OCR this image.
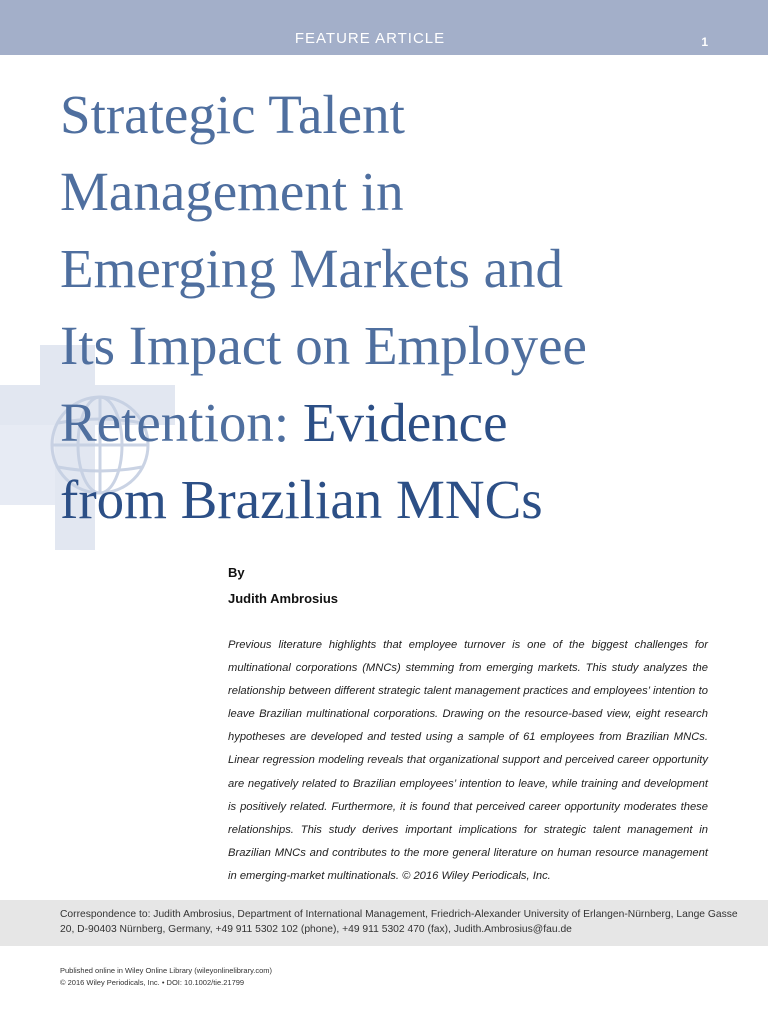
FEATURE ARTICLE	1
Strategic Talent
Management in
Emerging Markets and
Its Impact on Employee
Retention: Evidence
from Brazilian MNCs
By
Judith Ambrosius

Previous literature highlights that employee turnover is one of the biggest challenges for multinational corporations (MNCs) stemming from emerging markets. This study analyzes the relationship between different strategic talent management practices and employees’ intention to leave Brazilian multinational corporations. Drawing on the resource-based view, eight research hypotheses are developed and tested using a sample of 61 employees from Brazilian MNCs. Linear regression modeling reveals that organizational support and perceived career opportunity are negatively related to Brazilian employees’ intention to leave, while training and development is positively related. Furthermore, it is found that perceived career opportunity moderates these relationships. This study derives important implications for strategic talent management in Brazilian MNCs and contributes to the more general literature on human resource management in emerging-market multinationals. © 2016 Wiley Periodicals, Inc.

Correspondence to: Judith Ambrosius, Department of International Management, Friedrich-Alexander University of Erlangen-Nürnberg, Lange Gasse 20, D-90403 Nürnberg, Germany, +49 911 5302 102 (phone), +49 911 5302 470 (fax), Judith.Ambrosius@fau.de

Published online in Wiley Online Library (wileyonlinelibrary.com)
© 2016 Wiley Periodicals, Inc. • DOI: 10.1002/tie.21799
